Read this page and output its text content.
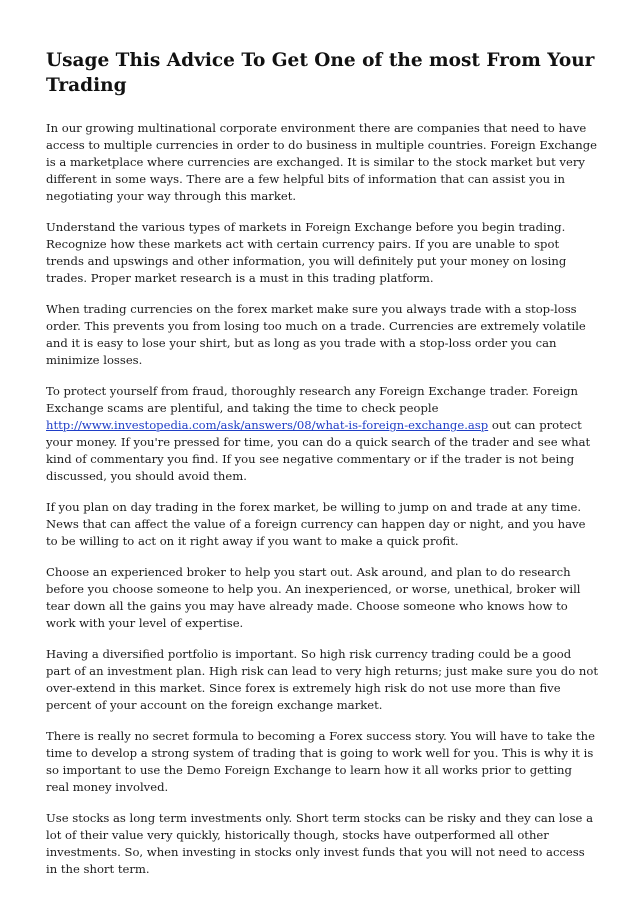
Usage This Advice To Get One of the most From Your Trading

In our growing multinational corporate environment there are companies that need to have access to multiple currencies in order to do business in multiple countries. Foreign Exchange is a marketplace where currencies are exchanged. It is similar to the stock market but very different in some ways. There are a few helpful bits of information that can assist you in negotiating your way through this market.

Understand the various types of markets in Foreign Exchange before you begin trading. Recognize how these markets act with certain currency pairs. If you are unable to spot trends and upswings and other information, you will definitely put your money on losing trades. Proper market research is a must in this trading platform.

When trading currencies on the forex market make sure you always trade with a stop-loss order. This prevents you from losing too much on a trade. Currencies are extremely volatile and it is easy to lose your shirt, but as long as you trade with a stop-loss order you can minimize losses.

To protect yourself from fraud, thoroughly research any Foreign Exchange trader. Foreign Exchange scams are plentiful, and taking the time to check people http://www.investopedia.com/ask/answers/08/what-is-foreign-exchange.asp out can protect your money. If you're pressed for time, you can do a quick search of the trader and see what kind of commentary you find. If you see negative commentary or if the trader is not being discussed, you should avoid them.

If you plan on day trading in the forex market, be willing to jump on and trade at any time. News that can affect the value of a foreign currency can happen day or night, and you have to be willing to act on it right away if you want to make a quick profit.

Choose an experienced broker to help you start out. Ask around, and plan to do research before you choose someone to help you. An inexperienced, or worse, unethical, broker will tear down all the gains you may have already made. Choose someone who knows how to work with your level of expertise.

Having a diversified portfolio is important. So high risk currency trading could be a good part of an investment plan. High risk can lead to very high returns; just make sure you do not over-extend in this market. Since forex is extremely high risk do not use more than five percent of your account on the foreign exchange market.

There is really no secret formula to becoming a Forex success story. You will have to take the time to develop a strong system of trading that is going to work well for you. This is why it is so important to use the Demo Foreign Exchange to learn how it all works prior to getting real money involved.

Use stocks as long term investments only. Short term stocks can be risky and they can lose a lot of their value very quickly, historically though, stocks have outperformed all other investments. So, when investing in stocks only invest funds that you will not need to access in the short term.
